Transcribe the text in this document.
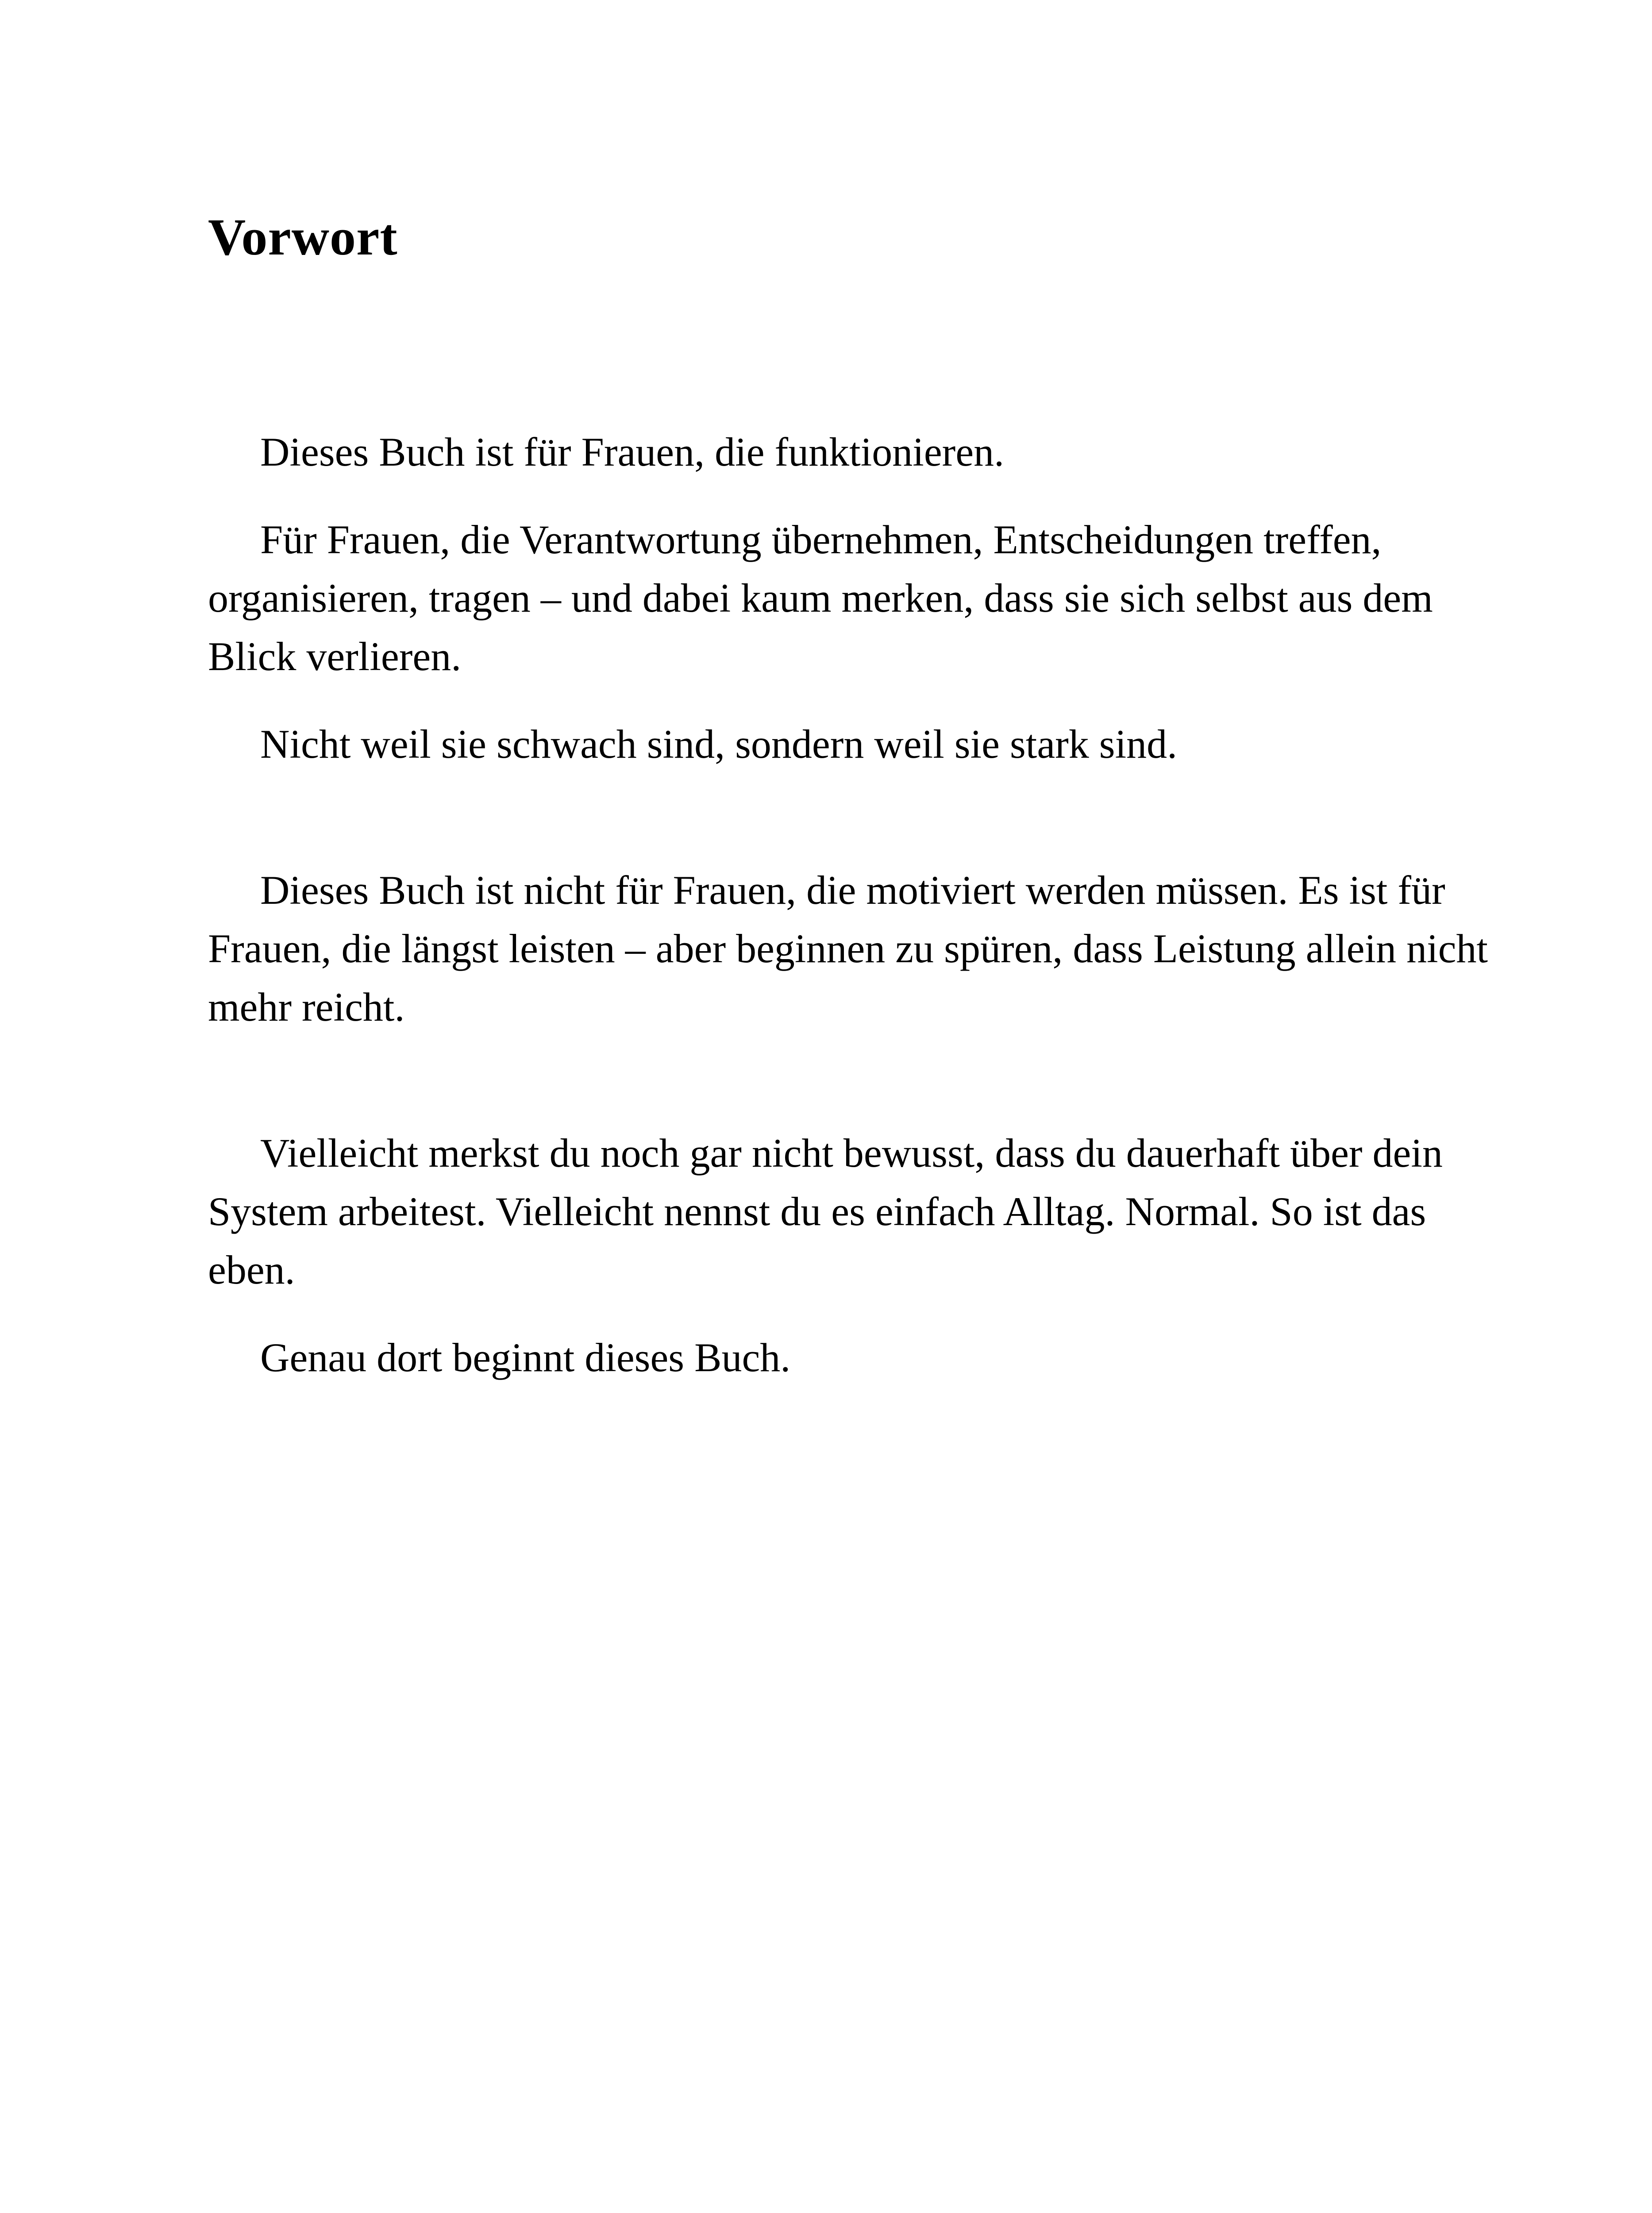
Vorwort

Dieses Buch ist für Frauen, die funktionieren.

Für Frauen, die Verantwortung übernehmen, Entscheidungen treffen, organisieren, tragen – und dabei kaum merken, dass sie sich selbst aus dem Blick verlieren.

Nicht weil sie schwach sind, sondern weil sie stark sind.

Dieses Buch ist nicht für Frauen, die motiviert werden müssen. Es ist für Frauen, die längst leisten – aber beginnen zu spüren, dass Leistung allein nicht mehr reicht.

Vielleicht merkst du noch gar nicht bewusst, dass du dauerhaft über dein System arbeitest. Vielleicht nennst du es einfach Alltag. Normal. So ist das eben.

Genau dort beginnt dieses Buch.
